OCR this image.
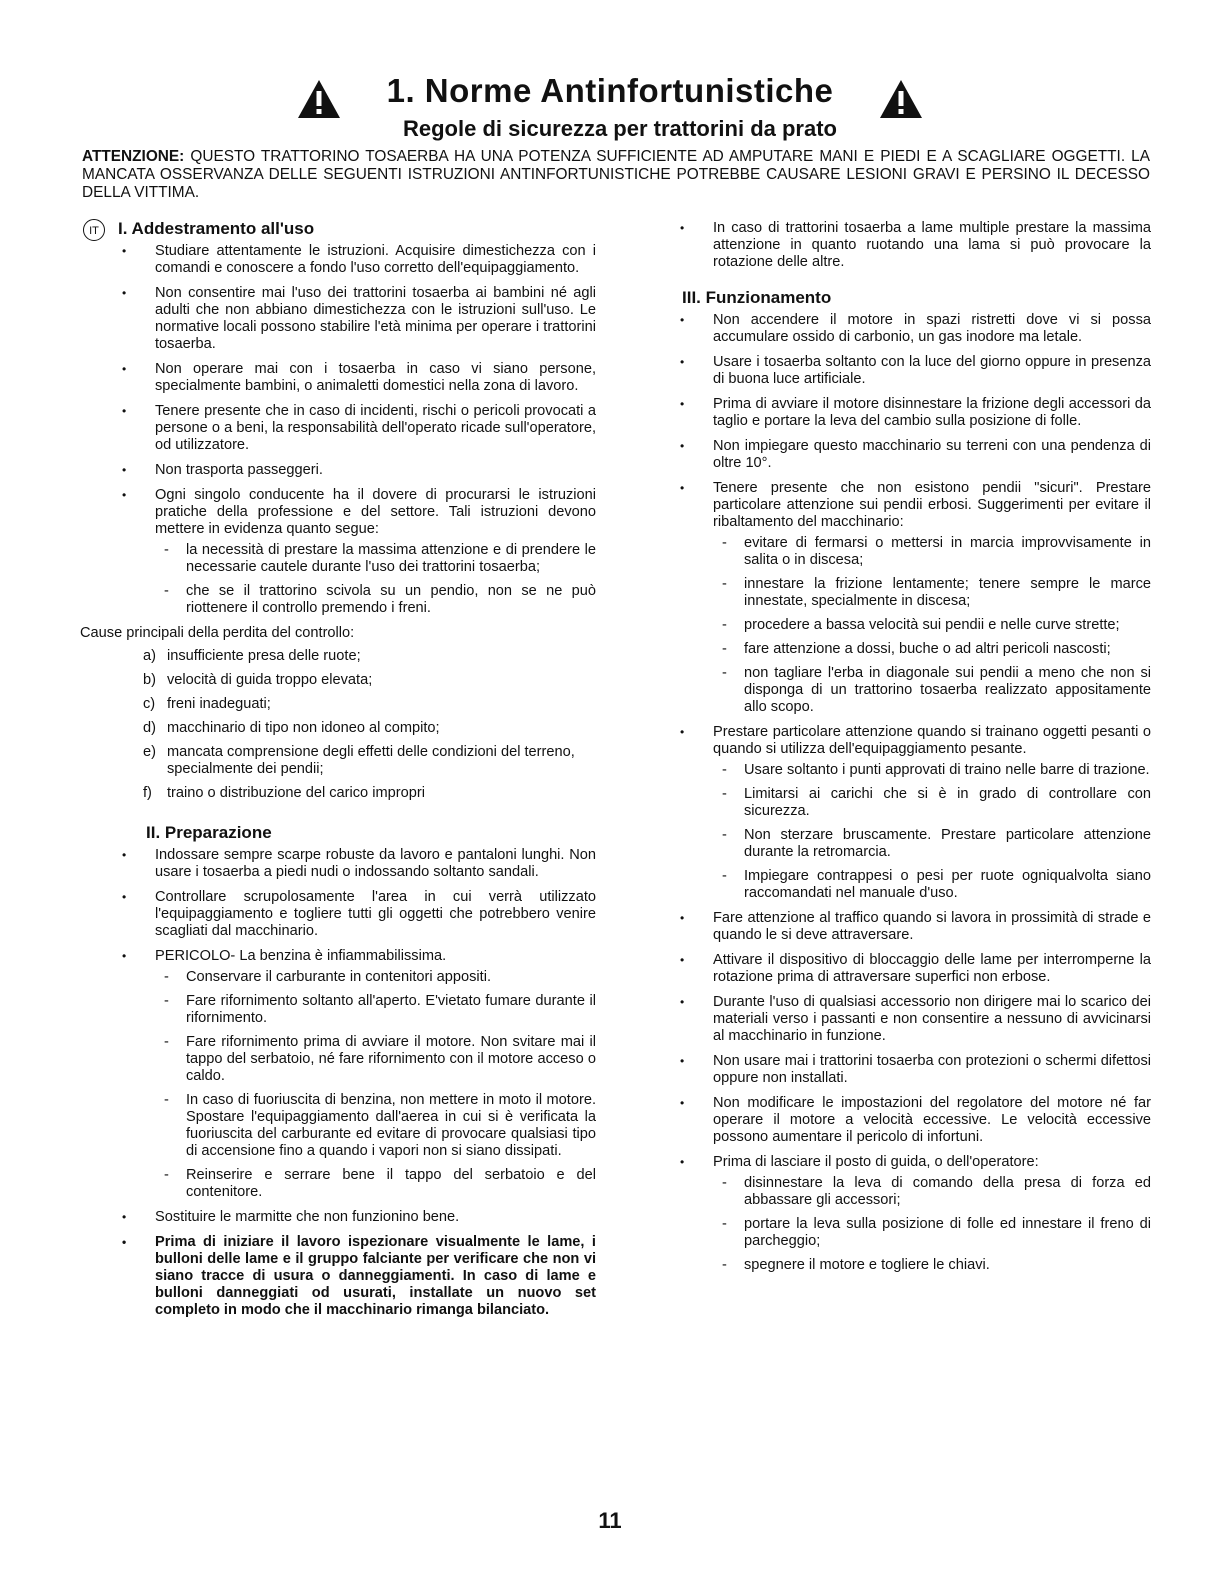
1. Norme Antinfortunistiche
Regole di sicurezza per trattorini da prato

ATTENZIONE: QUESTO TRATTORINO TOSAERBA HA UNA POTENZA SUFFICIENTE AD AMPUTARE MANI E PIEDI E A SCAGLIARE OGGETTI. LA MANCATA OSSERVANZA DELLE SEGUENTI ISTRUZIONI ANTINFORTUNISTICHE POTREBBE CAUSARE LESIONI GRAVI E PERSINO IL DECESSO DELLA VITTIMA.

IT	I. Addestramento all'uso
• Studiare attentamente le istruzioni. Acquisire dimestichezza con i comandi e conoscere a fondo l'uso corretto dell'equipaggiamento.
• Non consentire mai l'uso dei trattorini tosaerba ai bambini né agli adulti che non abbiano dimestichezza con le istruzioni sull'uso. Le normative locali possono stabilire l'età minima per operare i trattorini tosaerba.
• Non operare mai con i tosaerba in caso vi siano persone, specialmente bambini, o animaletti domestici nella zona di lavoro.
• Tenere presente che in caso di incidenti, rischi o pericoli provocati a persone o a beni, la responsabilità dell'operato ricade sull'operatore, od utilizzatore.
• Non trasporta passeggeri.
• Ogni singolo conducente ha il dovere di procurarsi le istruzioni pratiche della professione e del settore. Tali istruzioni devono mettere in evidenza quanto segue:
- la necessità di prestare la massima attenzione e di prendere le necessarie cautele durante l'uso dei trattorini tosaerba;
- che se il trattorino scivola su un pendio, non se ne può riottenere il controllo premendo i freni.
Cause principali della perdita del controllo:
a) insufficiente presa delle ruote;
b) velocità di guida troppo elevata;
c) freni inadeguati;
d) macchinario di tipo non idoneo al compito;
e) mancata comprensione degli effetti delle condizioni del terreno, specialmente dei pendii;
f) traino o distribuzione del carico impropri
II. Preparazione
• Indossare sempre scarpe robuste da lavoro e pantaloni lunghi. Non usare i tosaerba a piedi nudi o indossando soltanto sandali.
• Controllare scrupolosamente l'area in cui verrà utilizzato l'equipaggiamento e togliere tutti gli oggetti che potrebbero venire scagliati dal macchinario.
• PERICOLO- La benzina è infiammabilissima.
- Conservare il carburante in contenitori appositi.
- Fare rifornimento soltanto all'aperto. E'vietato fumare durante il rifornimento.
- Fare rifornimento prima di avviare il motore. Non svitare mai il tappo del serbatoio, né fare rifornimento con il motore acceso o caldo.
- In caso di fuoriuscita di benzina, non mettere in moto il motore. Spostare l'equipaggiamento dall'aerea in cui si è verificata la fuoriuscita del carburante ed evitare di provocare qualsiasi tipo di accensione fino a quando i vapori non si siano dissipati.
- Reinserire e serrare bene il tappo del serbatoio e del contenitore.
• Sostituire le marmitte che non funzionino bene.
• Prima di iniziare il lavoro ispezionare visualmente le lame, i bulloni delle lame e il gruppo falciante per verificare che non vi siano tracce di usura o danneggiamenti. In caso di lame e bulloni danneggiati od usurati, installate un nuovo set completo in modo che il macchinario rimanga bilanciato.
• In caso di trattorini tosaerba a lame multiple prestare la massima attenzione in quanto ruotando una lama si può provocare la rotazione delle altre.
III. Funzionamento
• Non accendere il motore in spazi ristretti dove vi si possa accumulare ossido di carbonio, un gas inodore ma letale.
• Usare i tosaerba soltanto con la luce del giorno oppure in presenza di buona luce artificiale.
• Prima di avviare il motore disinnestare la frizione degli accessori da taglio e portare la leva del cambio sulla posizione di folle.
• Non impiegare questo macchinario su terreni con una pendenza di oltre 10°.
• Tenere presente che non esistono pendii "sicuri". Prestare particolare attenzione sui pendii erbosi. Suggerimenti per evitare il ribaltamento del macchinario:
- evitare di fermarsi o mettersi in marcia improvvisamente in salita o in discesa;
- innestare la frizione lentamente; tenere sempre le marce innestate, specialmente in discesa;
- procedere a bassa velocità sui pendii e nelle curve strette;
- fare attenzione a dossi, buche o ad altri pericoli nascosti;
- non tagliare l'erba in diagonale sui pendii a meno che non si disponga di un trattorino tosaerba realizzato appositamente allo scopo.
• Prestare particolare attenzione quando si trainano oggetti pesanti o quando si utilizza dell'equipaggiamento pesante.
- Usare soltanto i punti approvati di traino nelle barre di trazione.
- Limitarsi ai carichi che si è in grado di controllare con sicurezza.
- Non sterzare bruscamente. Prestare particolare attenzione durante la retromarcia.
- Impiegare contrappesi o pesi per ruote ogniqualvolta siano raccomandati nel manuale d'uso.
• Fare attenzione al traffico quando si lavora in prossimità di strade e quando le si deve attraversare.
• Attivare il dispositivo di bloccaggio delle lame per interromperne la rotazione prima di attraversare superfici non erbose.
• Durante l'uso di qualsiasi accessorio non dirigere mai lo scarico dei materiali verso i passanti e non consentire a nessuno di avvicinarsi al macchinario in funzione.
• Non usare mai i trattorini tosaerba con protezioni o schermi difettosi oppure non installati.
• Non modificare le impostazioni del regolatore del motore né far operare il motore a velocità eccessive. Le velocità eccessive possono aumentare il pericolo di infortuni.
• Prima di lasciare il posto di guida, o dell'operatore:
- disinnestare la leva di comando della presa di forza ed abbassare gli accessori;
- portare la leva sulla posizione di folle ed innestare il freno di parcheggio;
- spegnere il motore e togliere le chiavi.
11
